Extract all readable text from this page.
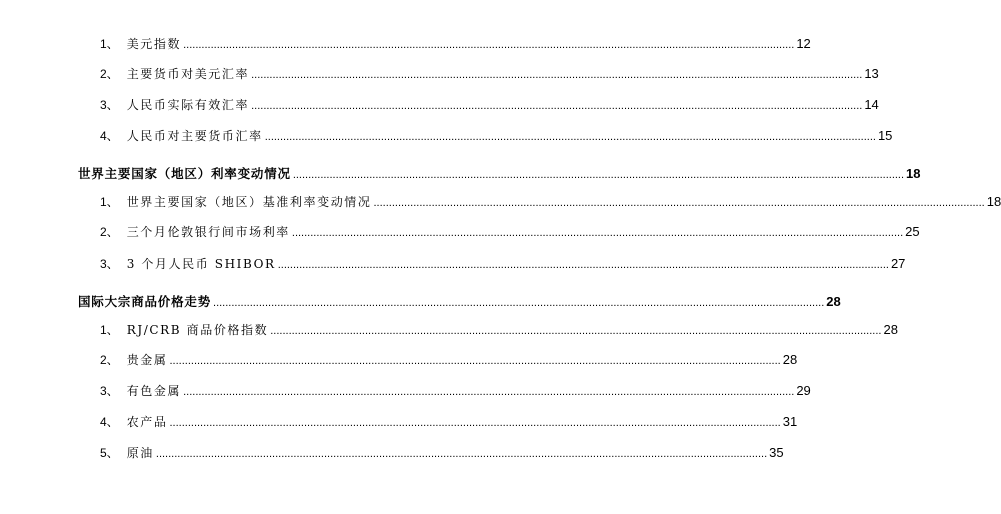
1、 美元指数 ........................................................................................................................................................................................................ 12
2、 主要货币对美元汇率 ........................................................................................................................................................................................................ 13
3、 人民币实际有效汇率 ........................................................................................................................................................................................................ 14
4、 人民币对主要货币汇率 ........................................................................................................................................................................................................ 15
世界主要国家（地区）利率变动情况 ........................................................................................................................................................................................................ 18
1、 世界主要国家（地区）基准利率变动情况 ........................................................................................................................................................................................................ 18
2、 三个月伦敦银行间市场利率 ........................................................................................................................................................................................................ 25
3、 3 个月人民币 SHIBOR ........................................................................................................................................................................................................ 27
国际大宗商品价格走势 ........................................................................................................................................................................................................ 28
1、 RJ/CRB 商品价格指数 ........................................................................................................................................................................................................ 28
2、 贵金属 ........................................................................................................................................................................................................ 28
3、 有色金属 ........................................................................................................................................................................................................ 29
4、 农产品 ........................................................................................................................................................................................................ 31
5、 原油 ........................................................................................................................................................................................................ 35
